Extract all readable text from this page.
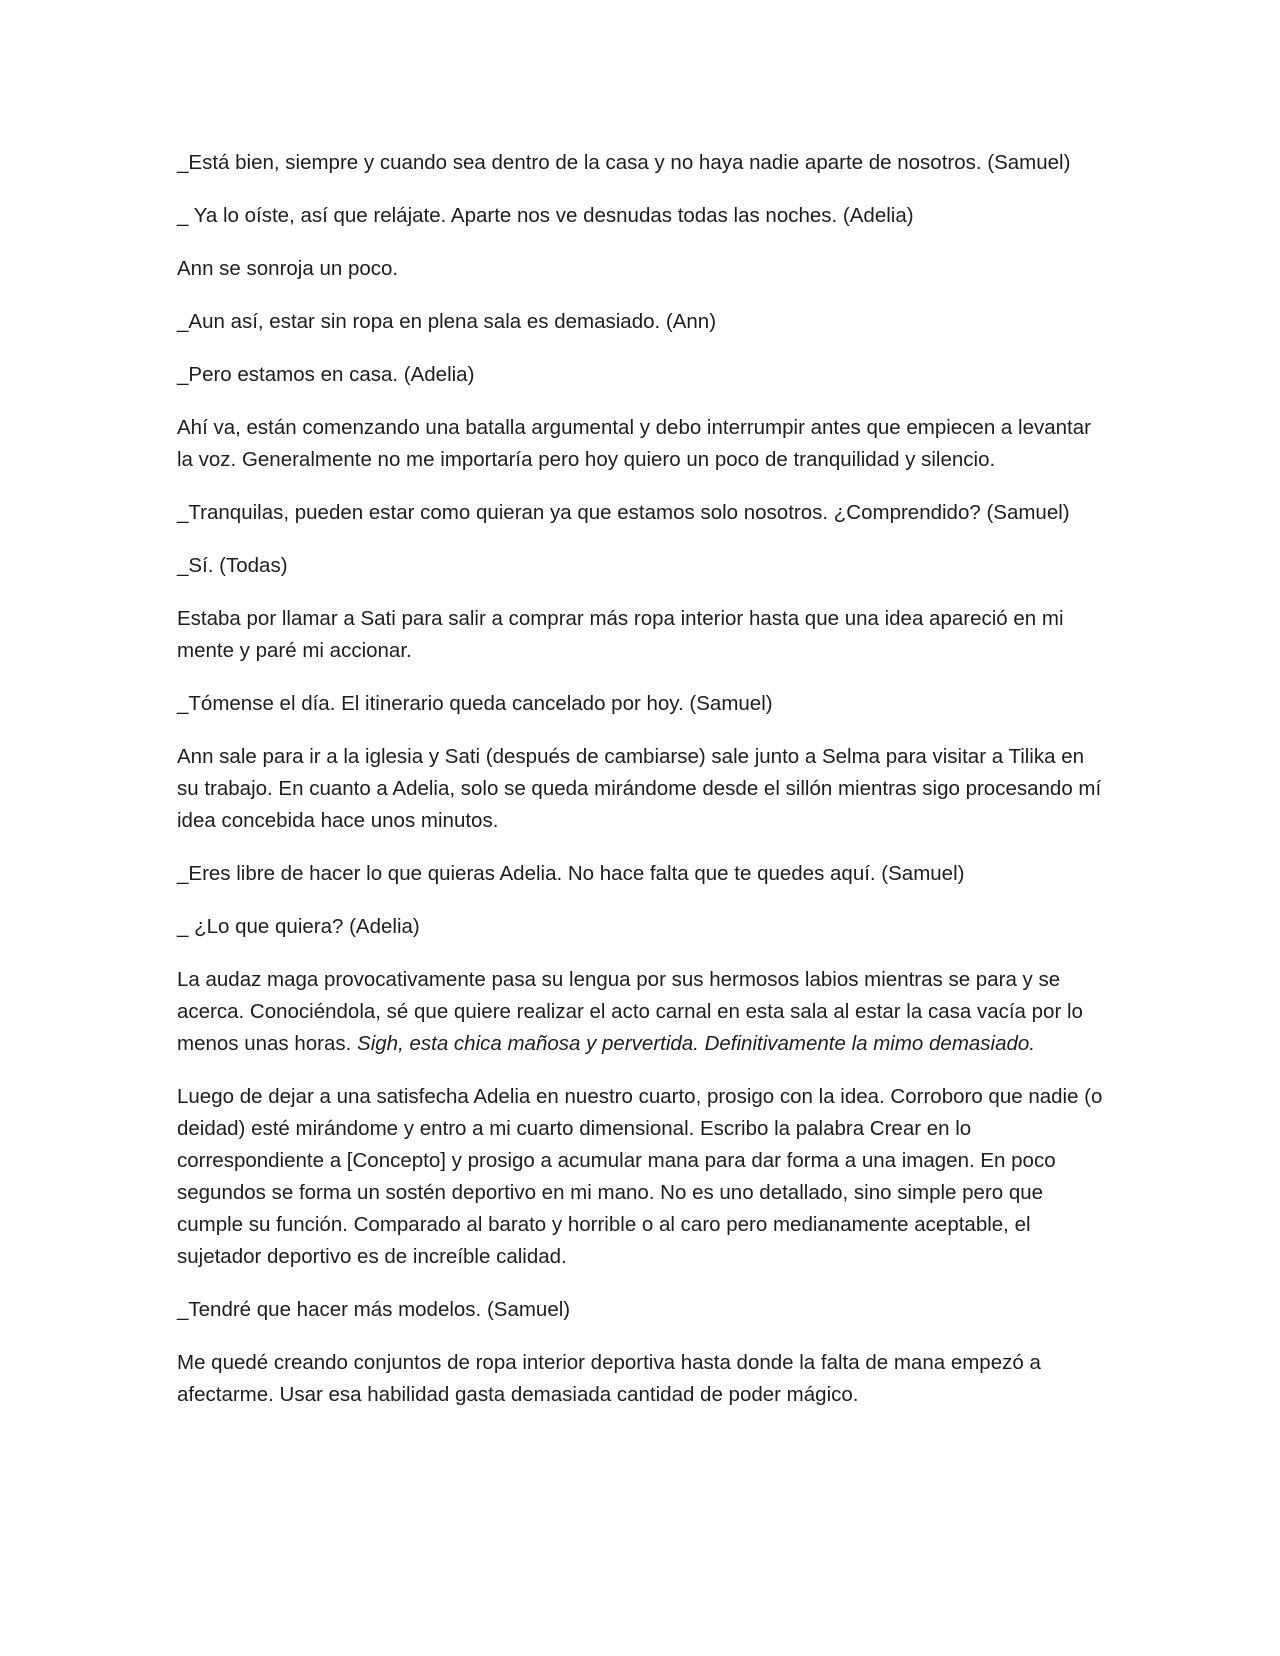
_Está bien, siempre y cuando sea dentro de la casa y no haya nadie aparte de nosotros. (Samuel)

_ Ya lo oíste, así que relájate. Aparte nos ve desnudas todas las noches. (Adelia)

Ann se sonroja un poco.

_Aun así, estar sin ropa en plena sala es demasiado. (Ann)

_Pero estamos en casa. (Adelia)

Ahí va, están comenzando una batalla argumental y debo interrumpir antes que empiecen a levantar la voz. Generalmente no me importaría pero hoy quiero un poco de tranquilidad y silencio.

_Tranquilas, pueden estar como quieran ya que estamos solo nosotros. ¿Comprendido? (Samuel)

_Sí. (Todas)

Estaba por llamar a Sati para salir a comprar más ropa interior hasta que una idea apareció en mi mente y paré mi accionar.

_Tómense el día. El itinerario queda cancelado por hoy. (Samuel)

Ann sale para ir a la iglesia y Sati (después de cambiarse) sale junto a Selma para visitar a Tilika en su trabajo. En cuanto a Adelia, solo se queda mirándome desde el sillón mientras sigo procesando mí idea concebida hace unos minutos.

_Eres libre de hacer lo que quieras Adelia. No hace falta que te quedes aquí. (Samuel)

_ ¿Lo que quiera? (Adelia)

La audaz maga provocativamente pasa su lengua por sus hermosos labios mientras se para y se acerca. Conociéndola, sé que quiere realizar el acto carnal en esta sala al estar la casa vacía por lo menos unas horas. Sigh, esta chica mañosa y pervertida. Definitivamente la mimo demasiado.

Luego de dejar a una satisfecha Adelia en nuestro cuarto, prosigo con la idea. Corroboro que nadie (o deidad) esté mirándome y entro a mi cuarto dimensional. Escribo la palabra Crear en lo correspondiente a [Concepto] y prosigo a acumular mana para dar forma a una imagen. En poco segundos se forma un sostén deportivo en mi mano. No es uno detallado, sino simple pero que cumple su función. Comparado al barato y horrible o al caro pero medianamente aceptable, el sujetador deportivo es de increíble calidad.

_Tendré que hacer más modelos. (Samuel)

Me quedé creando conjuntos de ropa interior deportiva hasta donde la falta de mana empezó a afectarme. Usar esa habilidad gasta demasiada cantidad de poder mágico.
